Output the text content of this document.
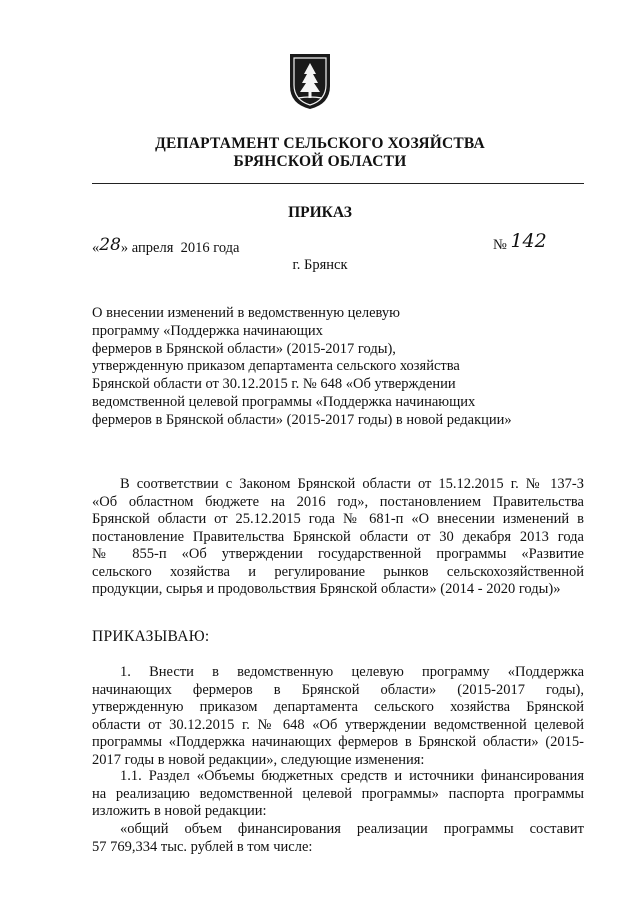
ДЕПАРТАМЕНТ СЕЛЬСКОГО ХОЗЯЙСТВА
БРЯНСКОЙ ОБЛАСТИ
ПРИКАЗ
«28» апреля  2016 года	№ 142
г. Брянск
О внесении изменений в ведомственную целевую
программу «Поддержка начинающих
фермеров в Брянской области» (2015-2017 годы),
утвержденную приказом департамента сельского хозяйства
Брянской области от 30.12.2015 г. № 648 «Об утверждении
ведомственной целевой программы «Поддержка начинающих
фермеров в Брянской области» (2015-2017 годы) в новой редакции»
В соответствии с Законом Брянской области от 15.12.2015 г. № 137-З
«Об областном бюджете на 2016 год», постановлением Правительства
Брянской области от 25.12.2015 года № 681-п «О внесении изменений в
постановление Правительства Брянской области от 30 декабря 2013 года
№ 855-п «Об утверждении государственной программы «Развитие
сельского хозяйства и регулирование рынков сельскохозяйственной
продукции, сырья и продовольствия Брянской области» (2014 - 2020 годы)»
ПРИКАЗЫВАЮ:
1. Внести в ведомственную целевую программу «Поддержка
начинающих фермеров в Брянской области» (2015-2017 годы),
утвержденную приказом департамента сельского хозяйства Брянской
области от 30.12.2015 г. № 648 «Об утверждении ведомственной целевой
программы «Поддержка начинающих фермеров в Брянской области» (2015-
2017 годы в новой редакции», следующие изменения:
1.1. Раздел «Объемы бюджетных средств и источники финансирования
на реализацию ведомственной целевой программы» паспорта программы
изложить в новой редакции:
«общий объем финансирования реализации программы составит
57 769,334 тыс. рублей в том числе:
